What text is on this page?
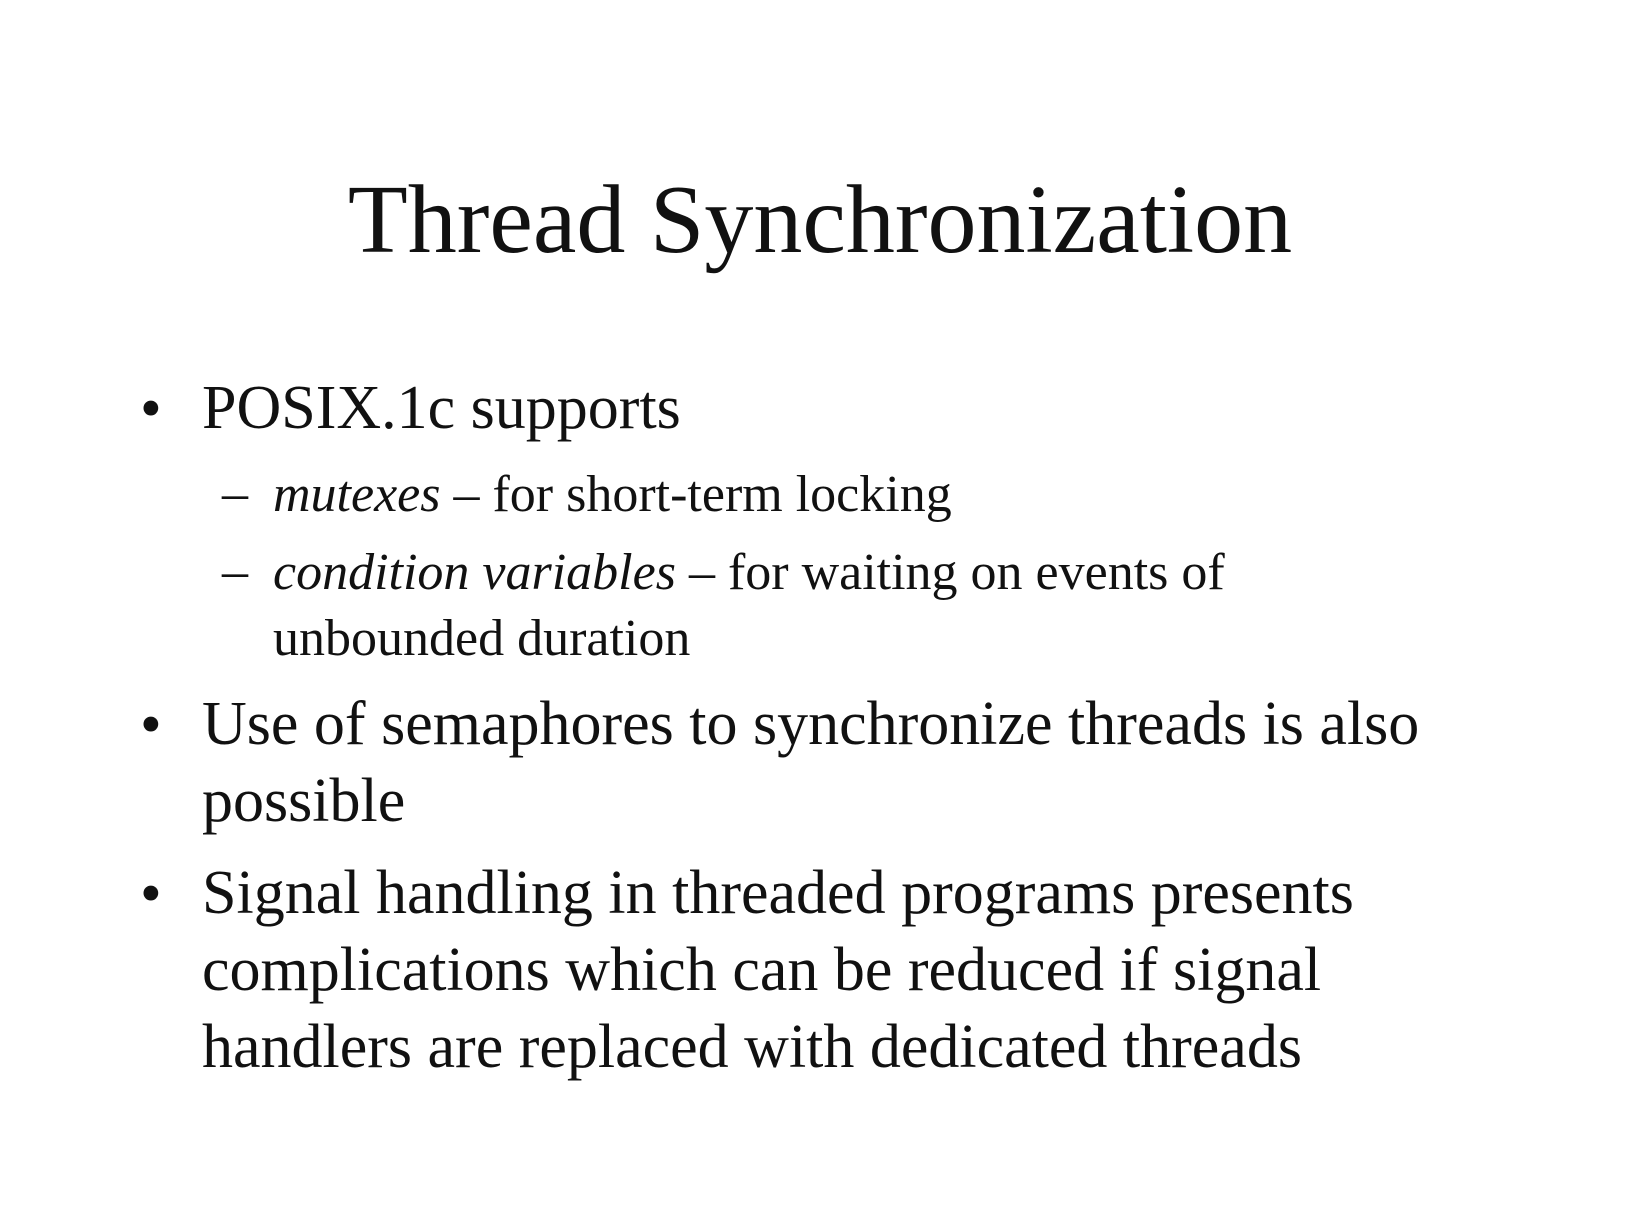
Thread Synchronization
• POSIX.1c supports
– mutexes – for short-term locking
– condition variables – for waiting on events of
unbounded duration
• Use of semaphores to synchronize threads is also
possible
• Signal handling in threaded programs presents
complications which can be reduced if signal
handlers are replaced with dedicated threads
